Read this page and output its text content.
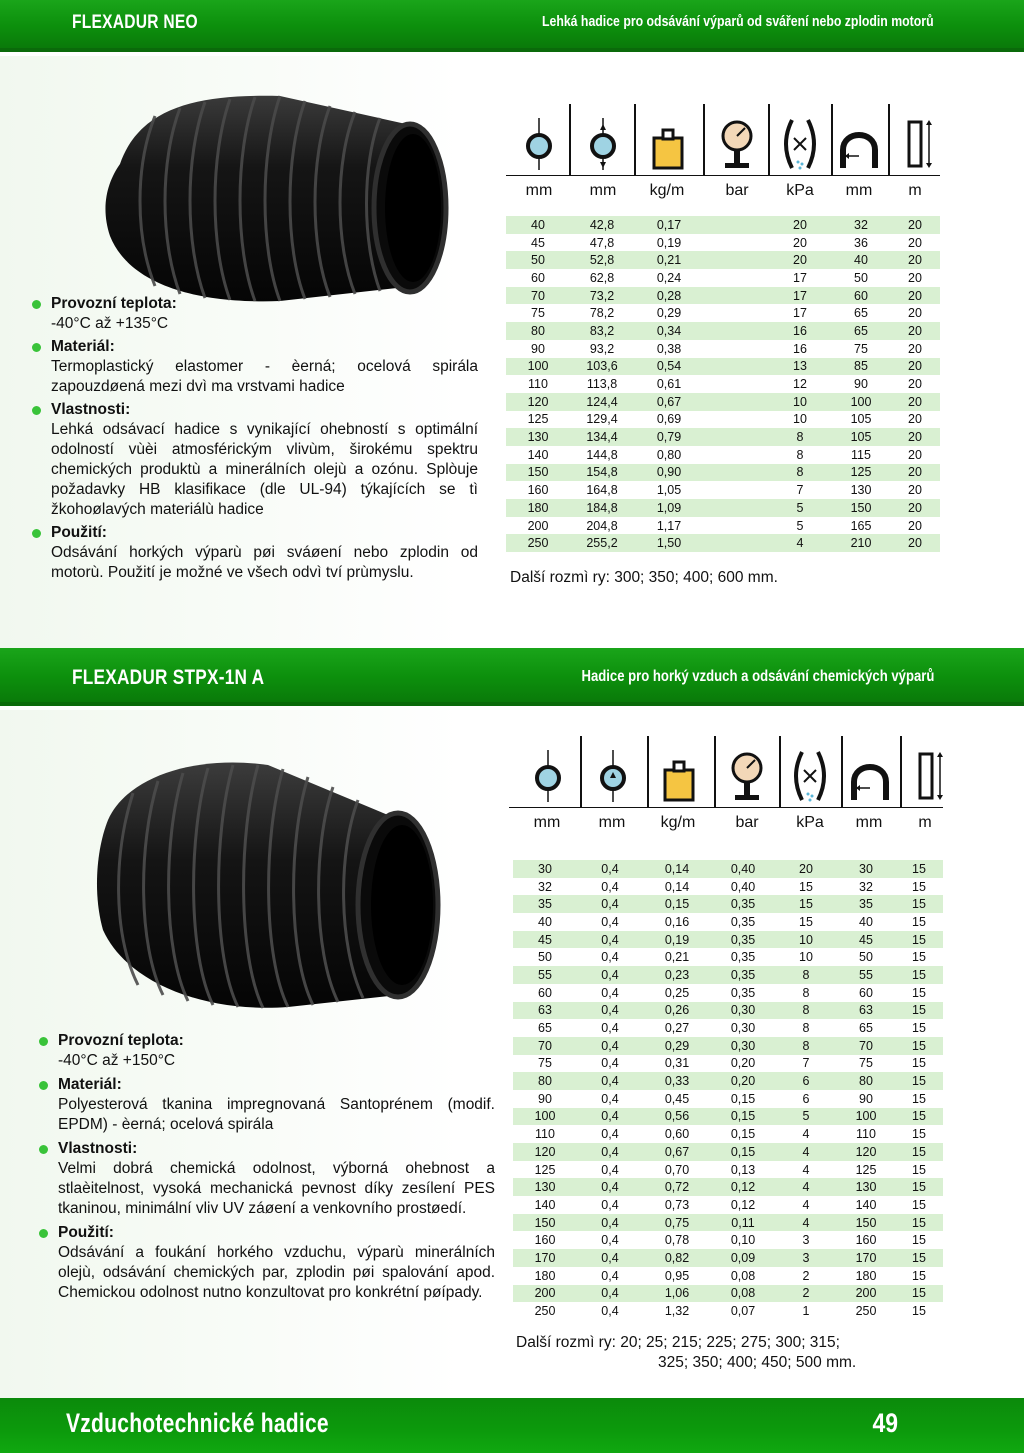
FLEXADUR NEO	Lehká hadice pro odsávání výparů od sváření nebo zplodin motorů
Provozní teplota:
-40°C až +135°C
Materiál:
Termoplastický elastomer - èerná; ocelová spirála zapouzdøená mezi dvì ma vrstvami hadice
Vlastnosti:
Lehká odsávací hadice s vynikající ohebností s optimální odolností vùèi atmosférickým vlivùm, širokému spektru chemických produktù a minerálních olejù a ozónu. Splòuje požadavky HB klasifikace (dle UL-94) týkajících se tì žkohoølavých materiálù hadice
Použití:
Odsávání horkých výparù pøi sváøení nebo zplodin od motorù. Použití je možné ve všech odvì tví prùmyslu.
mm	mm	kg/m	bar	kPa	mm	m
40	42,8	0,17		20	32	20
45	47,8	0,19		20	36	20
50	52,8	0,21		20	40	20
60	62,8	0,24		17	50	20
70	73,2	0,28		17	60	20
75	78,2	0,29		17	65	20
80	83,2	0,34		16	65	20
90	93,2	0,38		16	75	20
100	103,6	0,54		13	85	20
110	113,8	0,61		12	90	20
120	124,4	0,67		10	100	20
125	129,4	0,69		10	105	20
130	134,4	0,79		8	105	20
140	144,8	0,80		8	115	20
150	154,8	0,90		8	125	20
160	164,8	1,05		7	130	20
180	184,8	1,09		5	150	20
200	204,8	1,17		5	165	20
250	255,2	1,50		4	210	20
Další rozmì ry: 300; 350; 400; 600 mm.
FLEXADUR STPX-1N A	Hadice pro horký vzduch a odsávání chemických výparů
Provozní teplota:
-40°C až +150°C
Materiál:
Polyesterová tkanina impregnovaná Santoprénem (modif. EPDM) - èerná; ocelová spirála
Vlastnosti:
Velmi dobrá chemická odolnost, výborná ohebnost a stlaèitelnost, vysoká mechanická pevnost díky zesílení PES tkaninou, minimální vliv UV záøení a venkovního prostøedí.
Použití:
Odsávání a foukání horkého vzduchu, výparù minerálních olejù, odsávání chemických par, zplodin pøi spalování apod. Chemickou odolnost nutno konzultovat pro konkrétní pøípady.
mm	mm	kg/m	bar	kPa	mm	m
30	0,4	0,14	0,40	20	30	15
32	0,4	0,14	0,40	15	32	15
35	0,4	0,15	0,35	15	35	15
40	0,4	0,16	0,35	15	40	15
45	0,4	0,19	0,35	10	45	15
50	0,4	0,21	0,35	10	50	15
55	0,4	0,23	0,35	8	55	15
60	0,4	0,25	0,35	8	60	15
63	0,4	0,26	0,30	8	63	15
65	0,4	0,27	0,30	8	65	15
70	0,4	0,29	0,30	8	70	15
75	0,4	0,31	0,20	7	75	15
80	0,4	0,33	0,20	6	80	15
90	0,4	0,45	0,15	6	90	15
100	0,4	0,56	0,15	5	100	15
110	0,4	0,60	0,15	4	110	15
120	0,4	0,67	0,15	4	120	15
125	0,4	0,70	0,13	4	125	15
130	0,4	0,72	0,12	4	130	15
140	0,4	0,73	0,12	4	140	15
150	0,4	0,75	0,11	4	150	15
160	0,4	0,78	0,10	3	160	15
170	0,4	0,82	0,09	3	170	15
180	0,4	0,95	0,08	2	180	15
200	0,4	1,06	0,08	2	200	15
250	0,4	1,32	0,07	1	250	15
Další rozmì ry: 20; 25; 215; 225; 275; 300; 315;
325; 350; 400; 450; 500 mm.
Vzduchotechnické hadice	49
